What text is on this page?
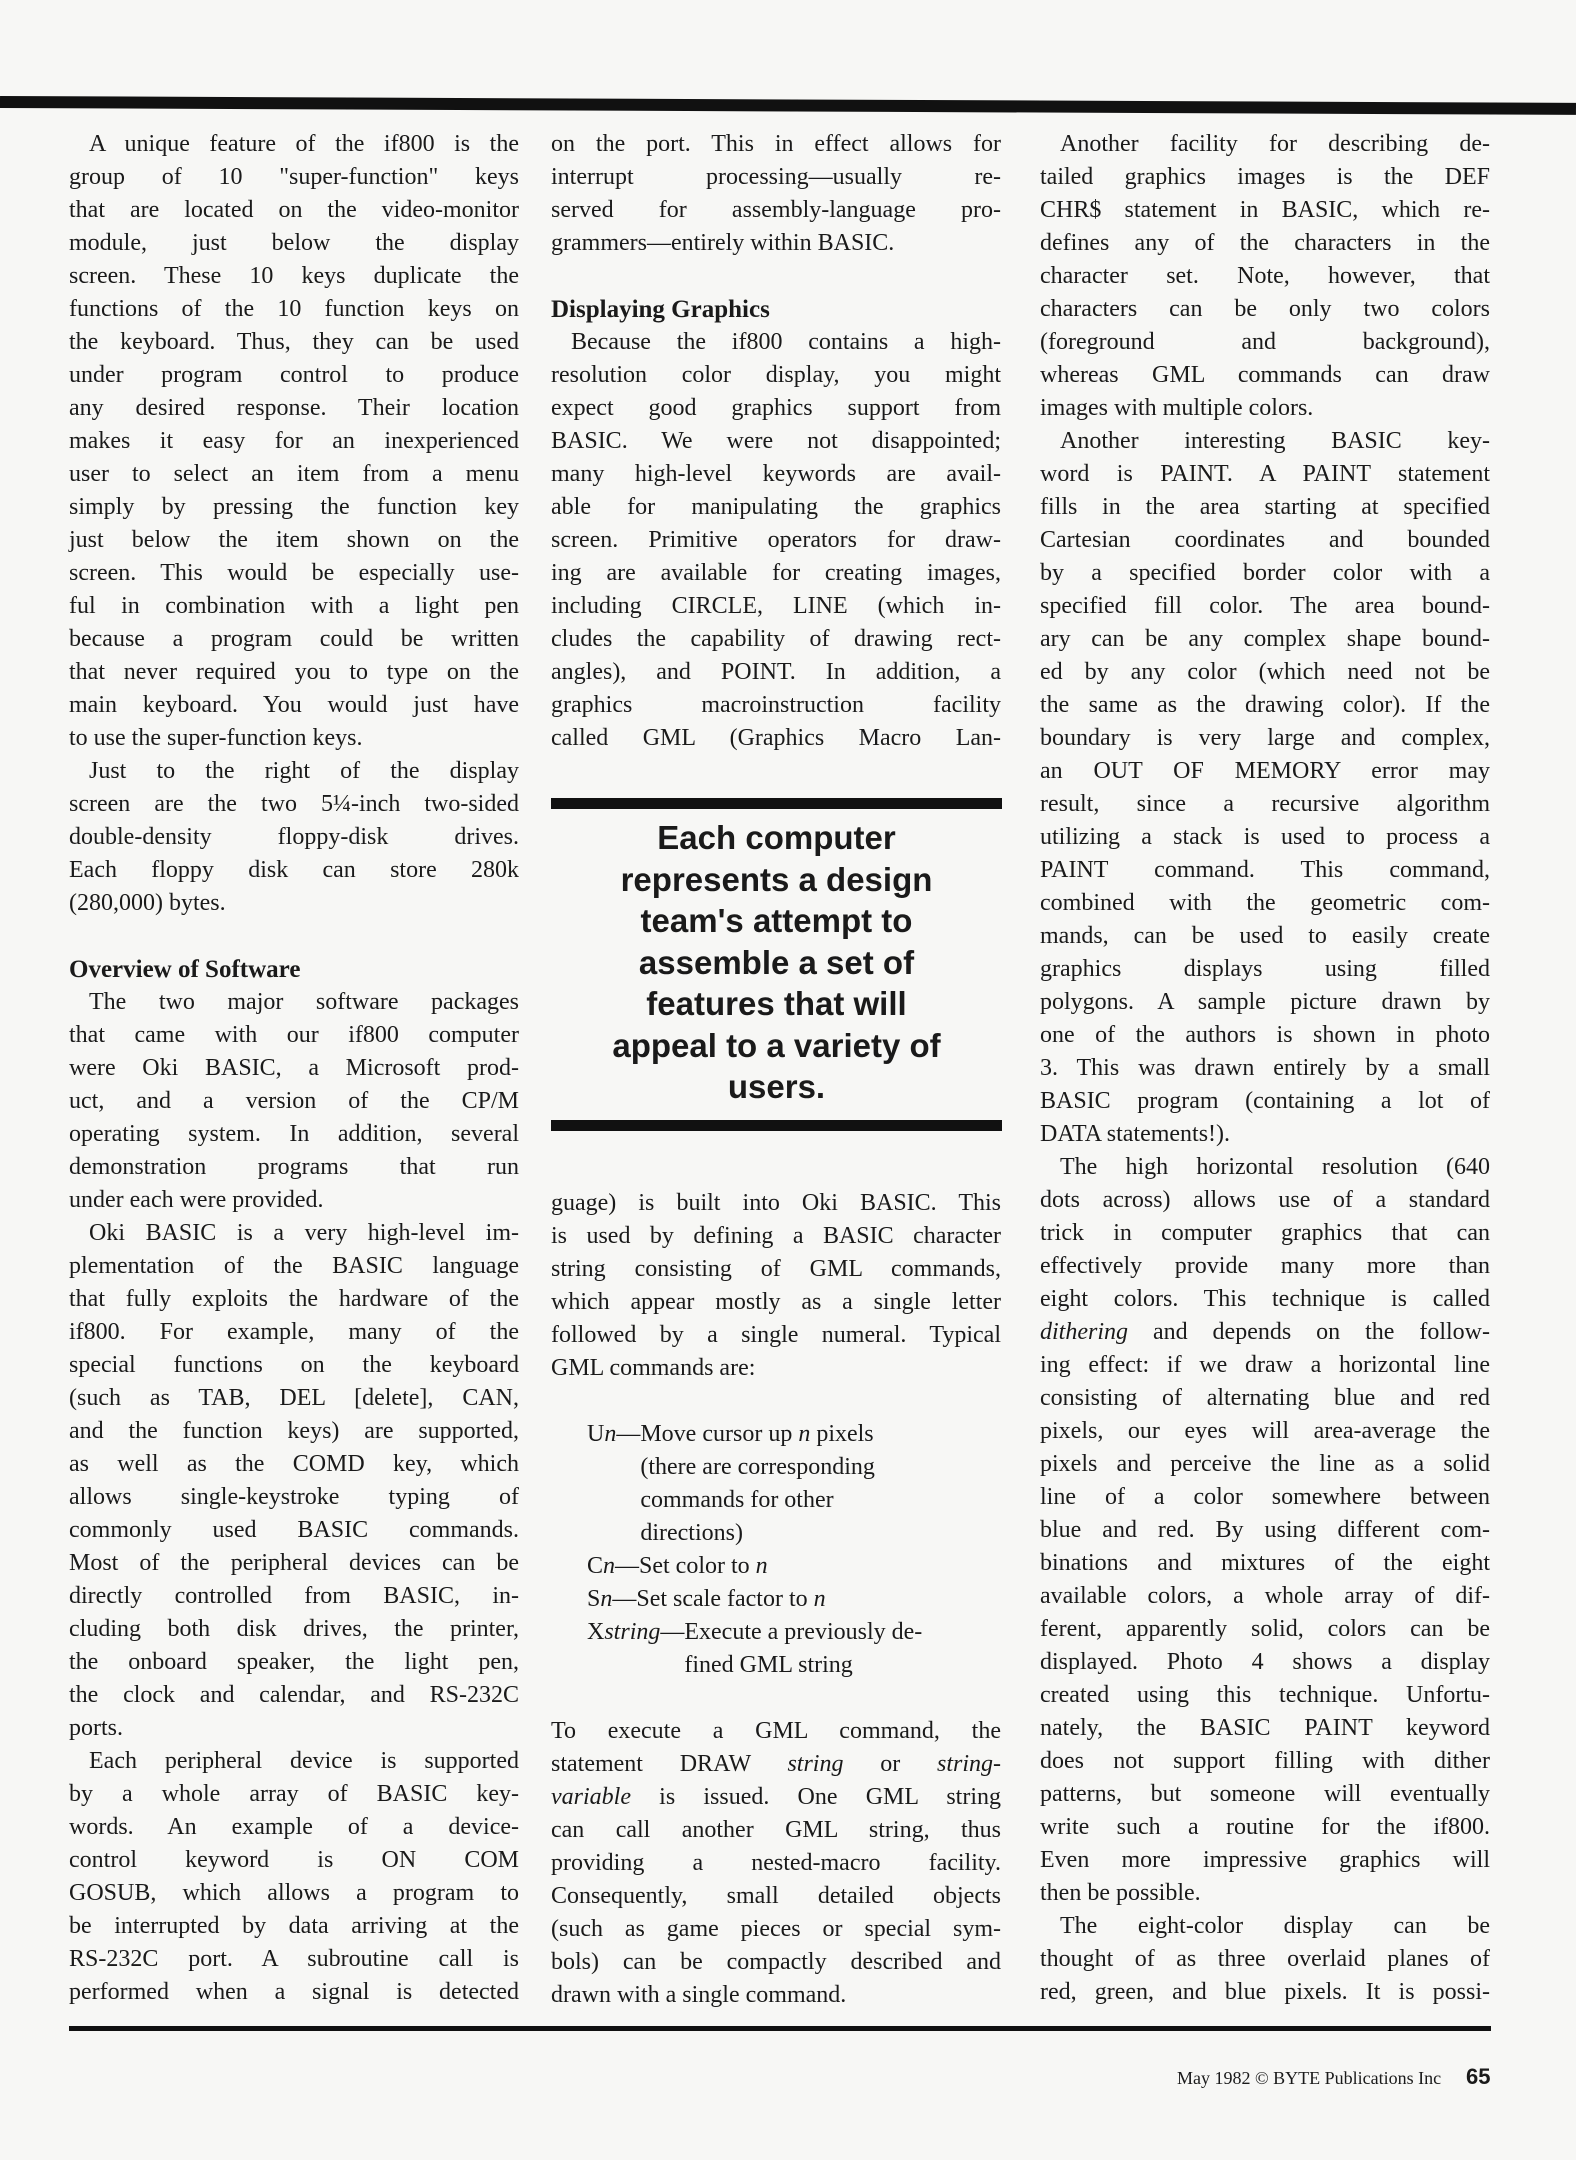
A unique feature of the if800 is the
group of 10 "super-function" keys
that are located on the video-monitor
module, just below the display
screen. These 10 keys duplicate the
functions of the 10 function keys on
the keyboard. Thus, they can be used
under program control to produce
any desired response. Their location
makes it easy for an inexperienced
user to select an item from a menu
simply by pressing the function key
just below the item shown on the
screen. This would be especially use-
ful in combination with a light pen
because a program could be written
that never required you to type on the
main keyboard. You would just have
to use the super-function keys.
Just to the right of the display
screen are the two 5¼-inch two-sided
double-density floppy-disk drives.
Each floppy disk can store 280k
(280,000) bytes.
Overview of Software
The two major software packages
that came with our if800 computer
were Oki BASIC, a Microsoft prod-
uct, and a version of the CP/M
operating system. In addition, several
demonstration programs that run
under each were provided.
Oki BASIC is a very high-level im-
plementation of the BASIC language
that fully exploits the hardware of the
if800. For example, many of the
special functions on the keyboard
(such as TAB, DEL [delete], CAN,
and the function keys) are supported,
as well as the COMD key, which
allows single-keystroke typing of
commonly used BASIC commands.
Most of the peripheral devices can be
directly controlled from BASIC, in-
cluding both disk drives, the printer,
the onboard speaker, the light pen,
the clock and calendar, and RS-232C
ports.
Each peripheral device is supported
by a whole array of BASIC key-
words. An example of a device-
control keyword is ON COM
GOSUB, which allows a program to
be interrupted by data arriving at the
RS-232C port. A subroutine call is
performed when a signal is detected
on the port. This in effect allows for
interrupt processing—usually re-
served for assembly-language pro-
grammers—entirely within BASIC.
Displaying Graphics
Because the if800 contains a high-
resolution color display, you might
expect good graphics support from
BASIC. We were not disappointed;
many high-level keywords are avail-
able for manipulating the graphics
screen. Primitive operators for draw-
ing are available for creating images,
including CIRCLE, LINE (which in-
cludes the capability of drawing rect-
angles), and POINT. In addition, a
graphics macroinstruction facility
called GML (Graphics Macro Lan-
Each computer
represents a design
team's attempt to
assemble a set of
features that will
appeal to a variety of
users.
guage) is built into Oki BASIC. This
is used by defining a BASIC character
string consisting of GML commands,
which appear mostly as a single letter
followed by a single numeral. Typical
GML commands are:
Un— Move cursor up n pixels
(there are corresponding
commands for other
directions)
Cn— Set color to n
Sn— Set scale factor to n
Xstring— Execute a previously de-
fined GML string
To execute a GML command, the
statement DRAW string or string-
variable is issued. One GML string
can call another GML string, thus
providing a nested-macro facility.
Consequently, small detailed objects
(such as game pieces or special sym-
bols) can be compactly described and
drawn with a single command.
Another facility for describing de-
tailed graphics images is the DEF
CHR$ statement in BASIC, which re-
defines any of the characters in the
character set. Note, however, that
characters can be only two colors
(foreground and background),
whereas GML commands can draw
images with multiple colors.
Another interesting BASIC key-
word is PAINT. A PAINT statement
fills in the area starting at specified
Cartesian coordinates and bounded
by a specified border color with a
specified fill color. The area bound-
ary can be any complex shape bound-
ed by any color (which need not be
the same as the drawing color). If the
boundary is very large and complex,
an OUT OF MEMORY error may
result, since a recursive algorithm
utilizing a stack is used to process a
PAINT command. This command,
combined with the geometric com-
mands, can be used to easily create
graphics displays using filled
polygons. A sample picture drawn by
one of the authors is shown in photo
3. This was drawn entirely by a small
BASIC program (containing a lot of
DATA statements!).
The high horizontal resolution (640
dots across) allows use of a standard
trick in computer graphics that can
effectively provide many more than
eight colors. This technique is called
dithering and depends on the follow-
ing effect: if we draw a horizontal line
consisting of alternating blue and red
pixels, our eyes will area-average the
pixels and perceive the line as a solid
line of a color somewhere between
blue and red. By using different com-
binations and mixtures of the eight
available colors, a whole array of dif-
ferent, apparently solid, colors can be
displayed. Photo 4 shows a display
created using this technique. Unfortu-
nately, the BASIC PAINT keyword
does not support filling with dither
patterns, but someone will eventually
write such a routine for the if800.
Even more impressive graphics will
then be possible.
The eight-color display can be
thought of as three overlaid planes of
red, green, and blue pixels. It is possi-
May 1982 © BYTE Publications Inc 65
